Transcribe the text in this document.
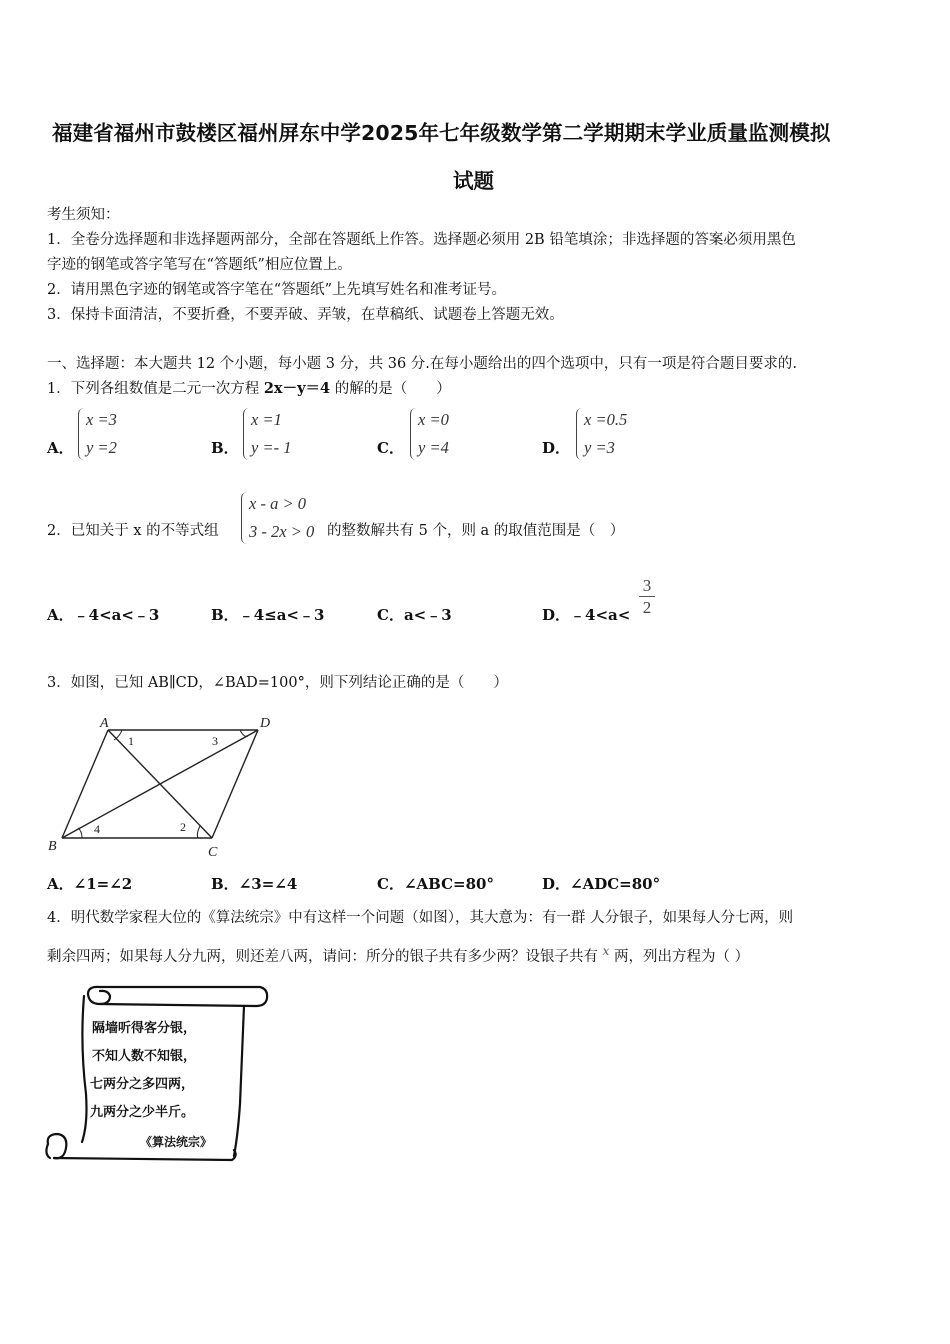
福建省福州市鼓楼区福州屏东中学2025年七年级数学第二学期期末学业质量监测模拟
试题
考生须知：
1．全卷分选择题和非选择题两部分，全部在答题纸上作答。选择题必须用 2B 铅笔填涂；非选择题的答案必须用黑色
字迹的钢笔或答字笔写在“答题纸”相应位置上。
2．请用黑色字迹的钢笔或答字笔在“答题纸”上先填写姓名和准考证号。
3．保持卡面清洁，不要折叠，不要弄破、弄皱，在草稿纸、试题卷上答题无效。
一、选择题：本大题共 12 个小题，每小题 3 分，共 36 分.在每小题给出的四个选项中，只有一项是符合题目要求的.
1．下列各组数值是二元一次方程 2x－y＝4 的解的是（　　）
A．
x =3
y =2	B．
x =1
y =- 1	C．
x =0
y =4	D．
x =0.5
y =3
2．已知关于 x 的不等式组
x - a > 0
3 - 2x > 0 的整数解共有 5 个，则 a 的取值范围是（　）
A．﹣4<a<﹣3	B．﹣4≤a<﹣3	C．a<﹣3	D．﹣4<a<
3
2
3．如图，已知 AB∥CD，∠BAD=100°，则下列结论正确的是（　　）
A	D
B	C
1	3
2
4
A．∠1=∠2	B．∠3=∠4	C．∠ABC=80°	D．∠ADC=80°
4．明代数学家程大位的《算法统宗》中有这样一个问题（如图），其大意为：有一群 人分银子，如果每人分七两，则
剩余四两；如果每人分九两，则还差八两，请问：所分的银子共有多少两？设银子共有 $^x$ 两，列出方程为（ ）
隔墙听得客分银，
不知人数不知银，
七两分之多四两，
九两分之少半斤。
《算法统宗》
